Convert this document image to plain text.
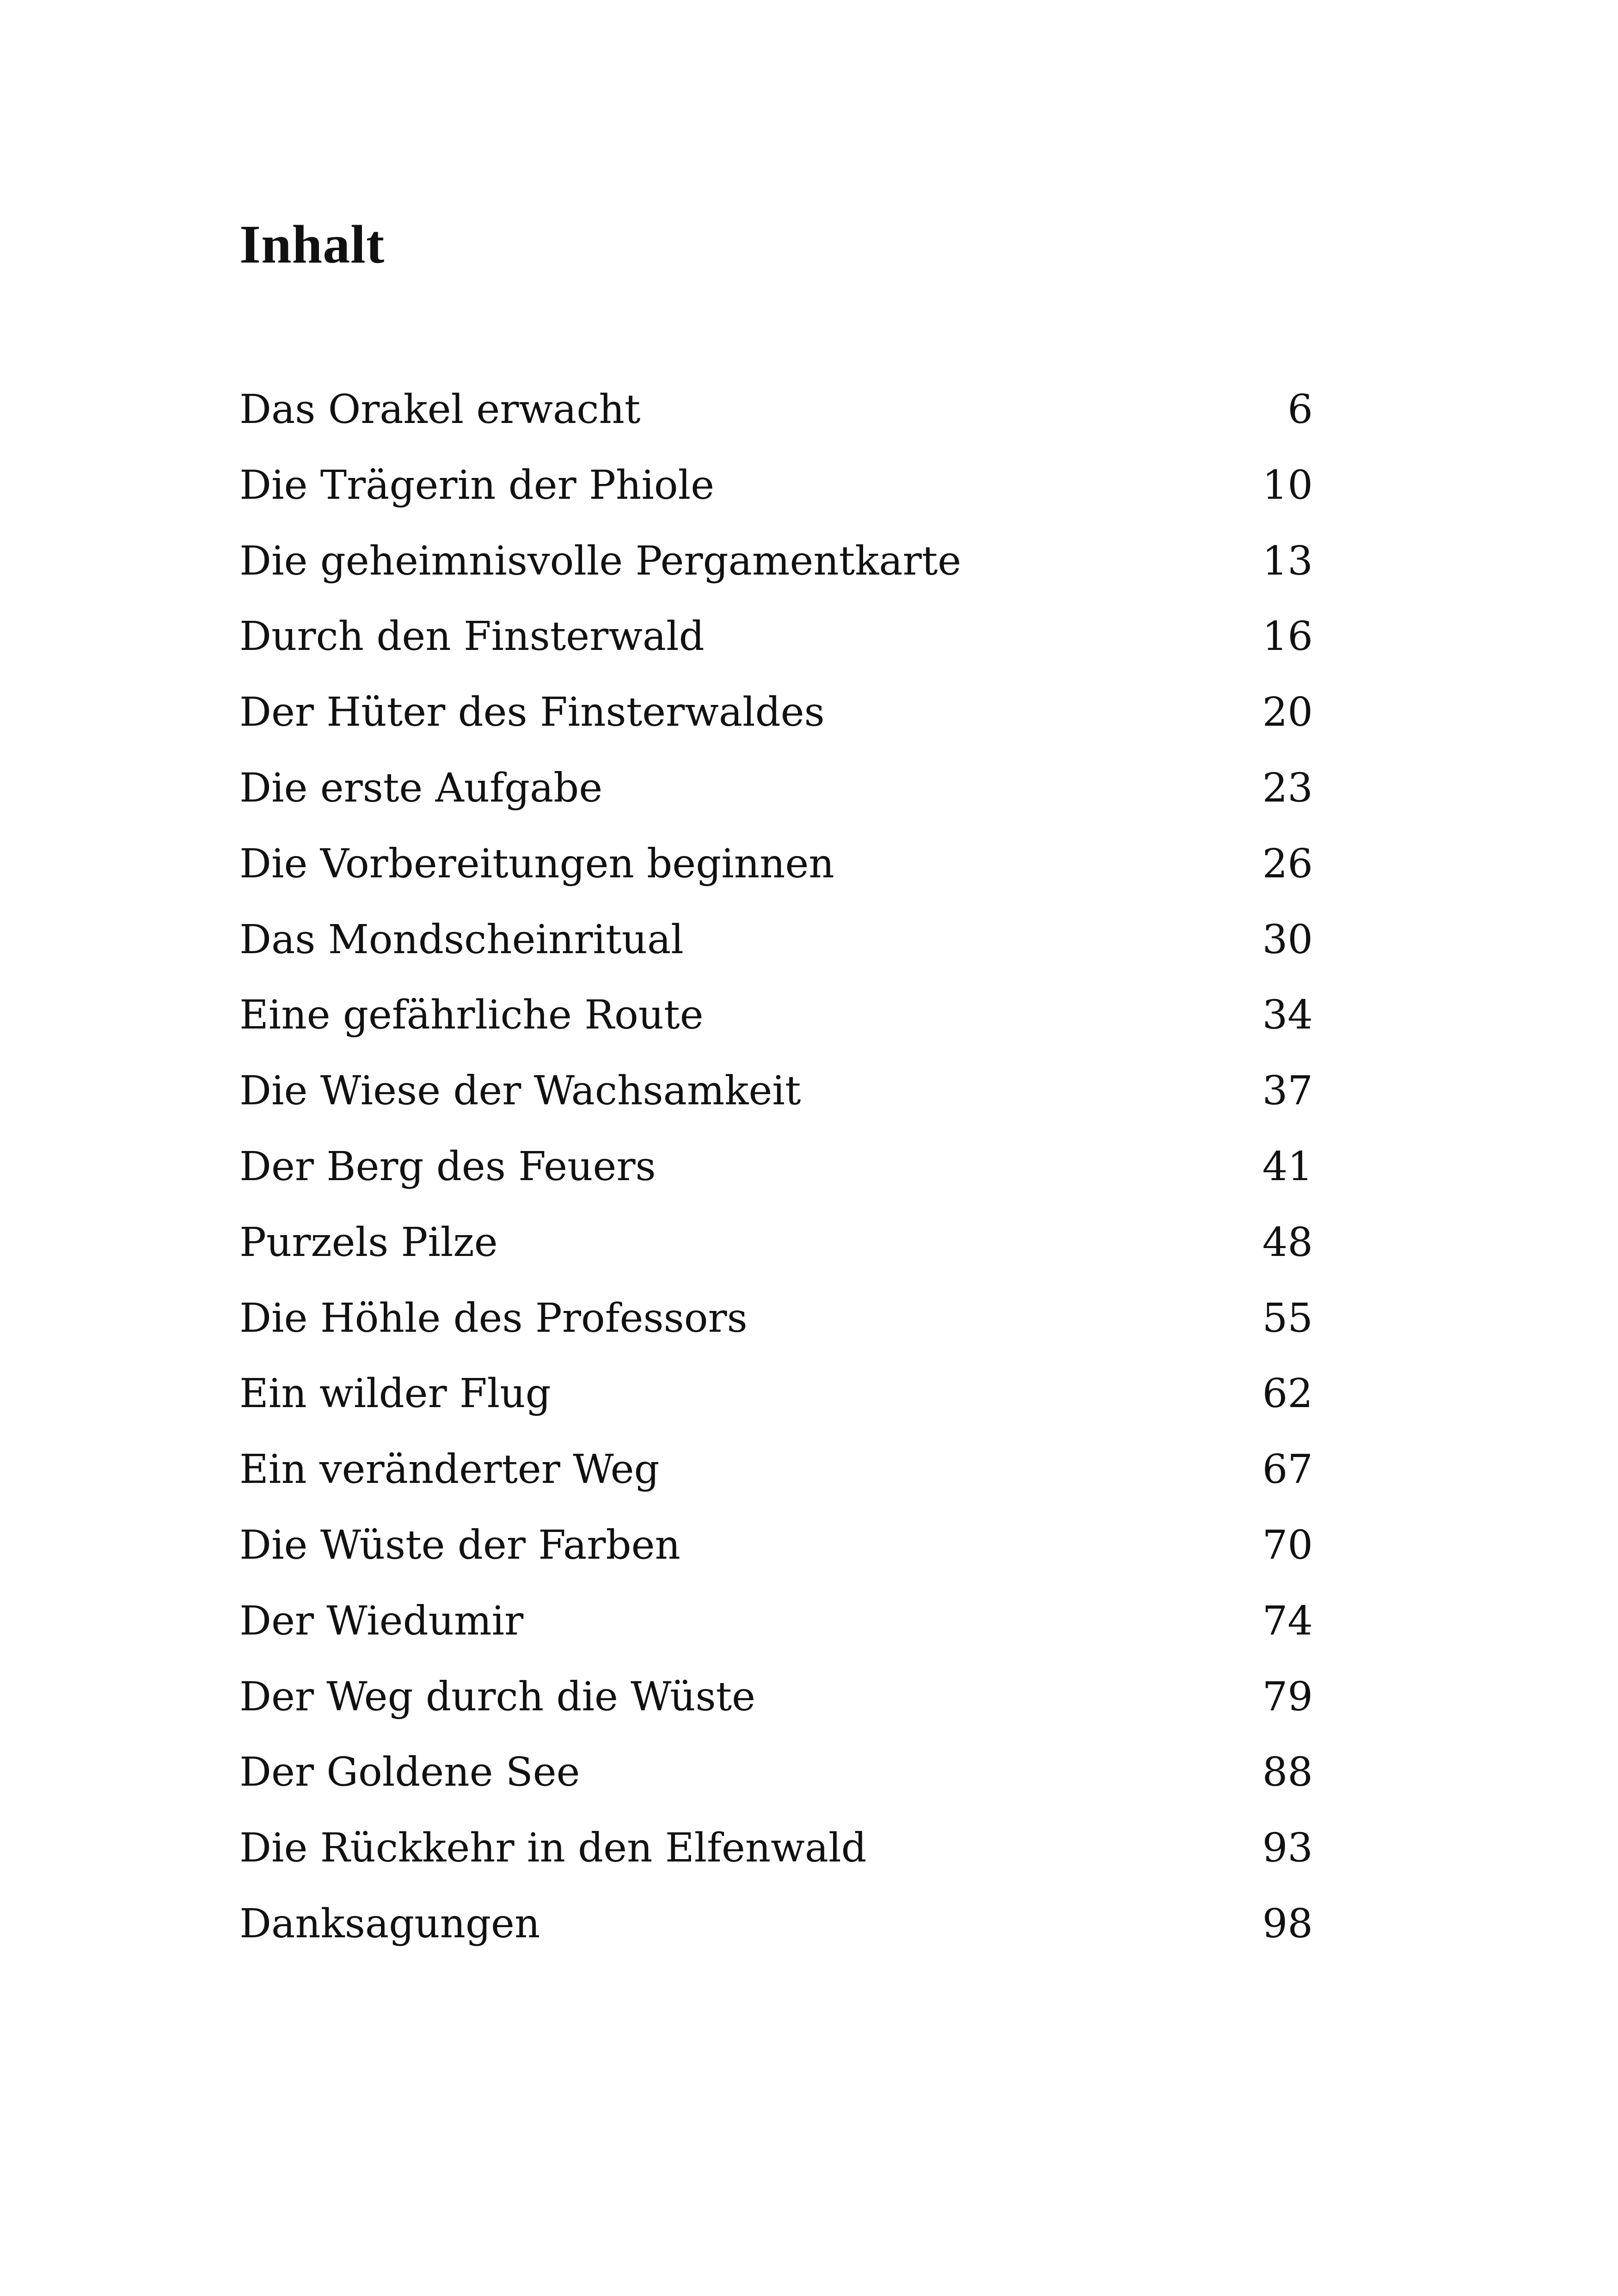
Inhalt
Das Orakel erwacht	6
Die Trägerin der Phiole	10
Die geheimnisvolle Pergamentkarte	13
Durch den Finsterwald	16
Der Hüter des Finsterwaldes	20
Die erste Aufgabe	23
Die Vorbereitungen beginnen	26
Das Mondscheinritual	30
Eine gefährliche Route	34
Die Wiese der Wachsamkeit	37
Der Berg des Feuers	41
Purzels Pilze	48
Die Höhle des Professors	55
Ein wilder Flug	62
Ein veränderter Weg	67
Die Wüste der Farben	70
Der Wiedumir	74
Der Weg durch die Wüste	79
Der Goldene See	88
Die Rückkehr in den Elfenwald	93
Danksagungen	98
